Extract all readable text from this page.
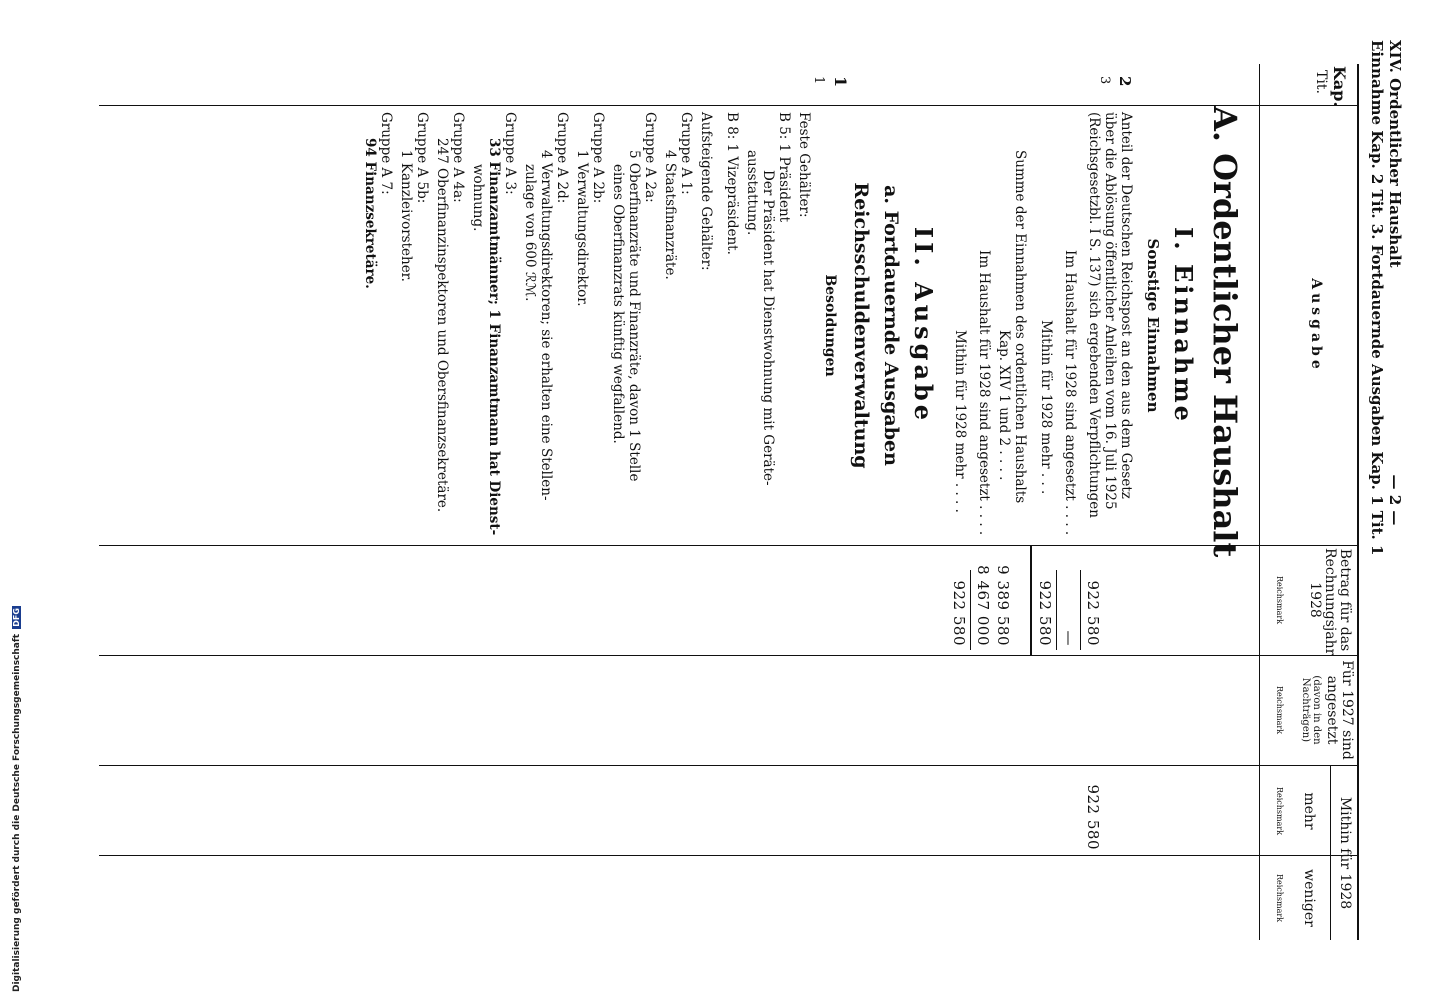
Digitalisierung gefördert durch die Deutsche Forschungsgemeinschaft DFG
XIV. Ordentlicher Haushalt
— 2 —
Einnahme Kap. 2 Tit. 3. Fortdauernde Ausgaben Kap. 1 Tit. 1
Kap.
Tit.
Ausgabe
Betrag für das Rechnungsjahr 1928
Reichsmark
Für 1927 sind angesetzt
(davon in den Nachträgen)
Reichsmark
Mithin für 1928
mehr
Reichsmark
weniger
Reichsmark
A. Ordentlicher Haushalt
I. Einnahme
Sonstige Einnahmen
2
3
Anteil der Deutschen Reichspost an den aus dem Gesetz
über die Ablösung öffentlicher Anleihen vom 16. Juli 1925
(Reichsgesetzbl. I S. 137) sich ergebenden Verpflichtungen
922 580
922 580
Im Haushalt für 1928 sind angesetzt . . . .
—
Mithin für 1928 mehr . . .
922 580
Summe der Einnahmen des ordentlichen Haushalts
Kap. XIV 1 und 2 . . . .
9 389 580
Im Haushalt für 1928 sind angesetzt . . . .
8 467 000
Mithin für 1928 mehr . . . .
922 580
II. Ausgabe
a. Fortdauernde Ausgaben
Reichsschuldenverwaltung
1
1
Besoldungen
Feste Gehälter:
B 5: 1 Präsident
Der Präsident hat Dienstwohnung mit Geräte-
ausstattung.
B 8: 1 Vizepräsident.
Aufsteigende Gehälter:
Gruppe A 1:
4 Staatsfinanzräte.
Gruppe A 2a:
5 Oberfinanzräte und Finanzräte, davon 1 Stelle
eines Oberfinanzrats künftig wegfallend.
Gruppe A 2b:
1 Verwaltungsdirektor.
Gruppe A 2d:
4 Verwaltungsdirektoren; sie erhalten eine Stellen-
zulage von 600 ℛℳ.
Gruppe A 3:
33 Finanzamtmänner; 1 Finanzamtmann hat Dienst-
wohnung.
Gruppe A 4a:
247 Oberfinanzinspektoren und Obersfinanzsekretäre.
Gruppe A 5b:
1 Kanzleivorsteher.
Gruppe A 7:
94 Finanzsekretäre.
